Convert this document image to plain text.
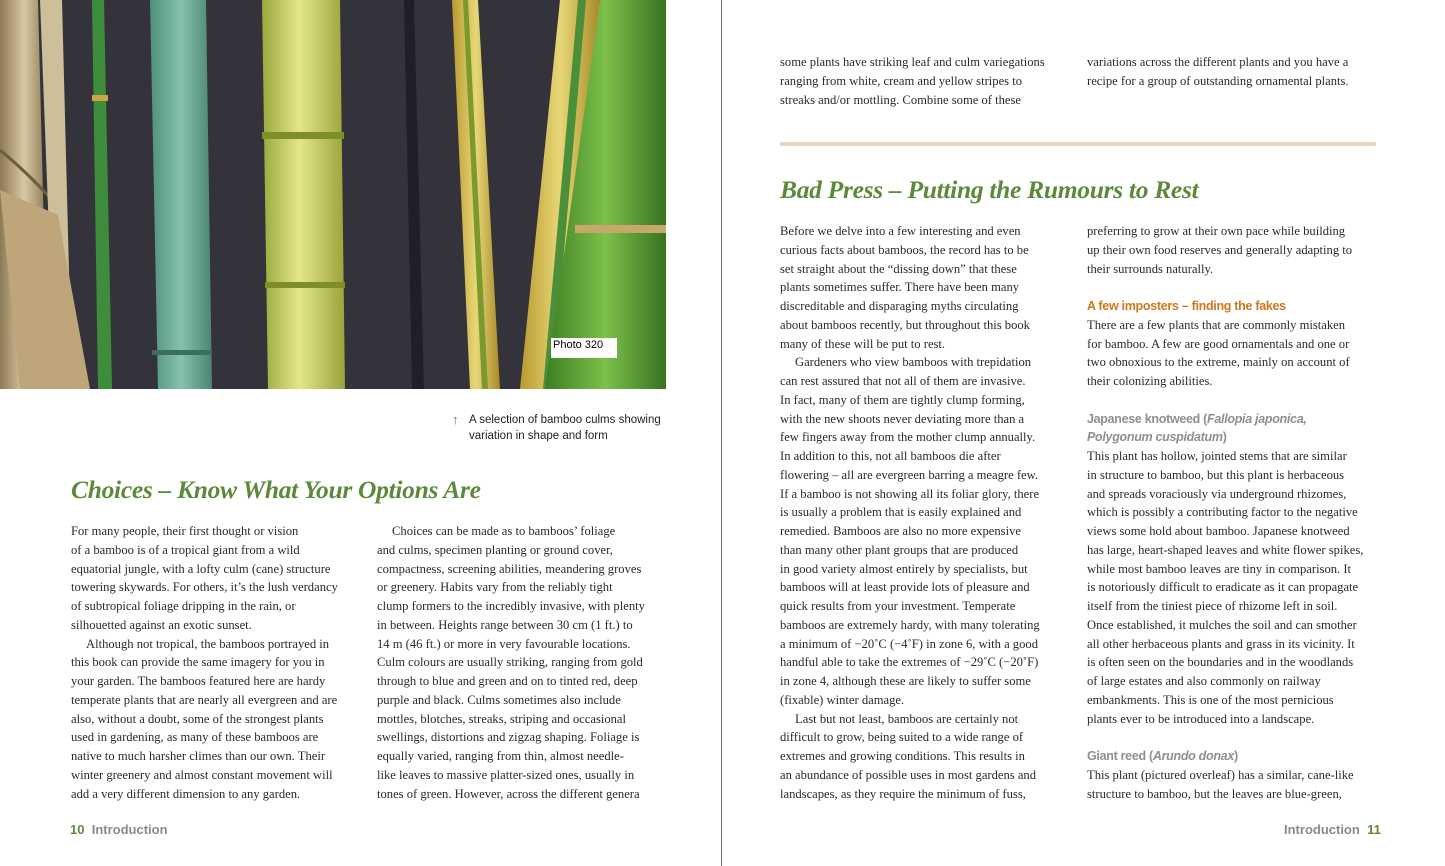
Photo 320
↑ A selection of bamboo culms showing
variation in shape and form
Choices – Know What Your Options Are
For many people, their first thought or vision
of a bamboo is of a tropical giant from a wild
equatorial jungle, with a lofty culm (cane) structure
towering skywards. For others, it’s the lush verdancy
of subtropical foliage dripping in the rain, or
silhouetted against an exotic sunset.
Although not tropical, the bamboos portrayed in
this book can provide the same imagery for you in
your garden. The bamboos featured here are hardy
temperate plants that are nearly all evergreen and are
also, without a doubt, some of the strongest plants
used in gardening, as many of these bamboos are
native to much harsher climes than our own. Their
winter greenery and almost constant movement will
add a very different dimension to any garden.
Choices can be made as to bamboos’ foliage
and culms, specimen planting or ground cover,
compactness, screening abilities, meandering groves
or greenery. Habits vary from the reliably tight
clump formers to the incredibly invasive, with plenty
in between. Heights range between 30 cm (1 ft.) to
14 m (46 ft.) or more in very favourable locations.
Culm colours are usually striking, ranging from gold
through to blue and green and on to tinted red, deep
purple and black. Culms sometimes also include
mottles, blotches, streaks, striping and occasional
swellings, distortions and zigzag shaping. Foliage is
equally varied, ranging from thin, almost needle-
like leaves to massive platter-sized ones, usually in
tones of green. However, across the different genera
10 Introduction
some plants have striking leaf and culm variegations
ranging from white, cream and yellow stripes to
streaks and/or mottling. Combine some of these
variations across the different plants and you have a
recipe for a group of outstanding ornamental plants.
Bad Press – Putting the Rumours to Rest
Before we delve into a few interesting and even
curious facts about bamboos, the record has to be
set straight about the “dissing down” that these
plants sometimes suffer. There have been many
discreditable and disparaging myths circulating
about bamboos recently, but throughout this book
many of these will be put to rest.
Gardeners who view bamboos with trepidation
can rest assured that not all of them are invasive.
In fact, many of them are tightly clump forming,
with the new shoots never deviating more than a
few fingers away from the mother clump annually.
In addition to this, not all bamboos die after
flowering – all are evergreen barring a meagre few.
If a bamboo is not showing all its foliar glory, there
is usually a problem that is easily explained and
remedied. Bamboos are also no more expensive
than many other plant groups that are produced
in good variety almost entirely by specialists, but
bamboos will at least provide lots of pleasure and
quick results from your investment. Temperate
bamboos are extremely hardy, with many tolerating
a minimum of −20˚C (−4˚F) in zone 6, with a good
handful able to take the extremes of −29˚C (−20˚F)
in zone 4, although these are likely to suffer some
(fixable) winter damage.
Last but not least, bamboos are certainly not
difficult to grow, being suited to a wide range of
extremes and growing conditions. This results in
an abundance of possible uses in most gardens and
landscapes, as they require the minimum of fuss,
preferring to grow at their own pace while building
up their own food reserves and generally adapting to
their surrounds naturally.
A few imposters – finding the fakes
There are a few plants that are commonly mistaken
for bamboo. A few are good ornamentals and one or
two obnoxious to the extreme, mainly on account of
their colonizing abilities.
Japanese knotweed (Fallopia japonica,
Polygonum cuspidatum)
This plant has hollow, jointed stems that are similar
in structure to bamboo, but this plant is herbaceous
and spreads voraciously via underground rhizomes,
which is possibly a contributing factor to the negative
views some hold about bamboo. Japanese knotweed
has large, heart-shaped leaves and white flower spikes,
while most bamboo leaves are tiny in comparison. It
is notoriously difficult to eradicate as it can propagate
itself from the tiniest piece of rhizome left in soil.
Once established, it mulches the soil and can smother
all other herbaceous plants and grass in its vicinity. It
is often seen on the boundaries and in the woodlands
of large estates and also commonly on railway
embankments. This is one of the most pernicious
plants ever to be introduced into a landscape.
Giant reed (Arundo donax)
This plant (pictured overleaf) has a similar, cane-like
structure to bamboo, but the leaves are blue-green,
Introduction 11
